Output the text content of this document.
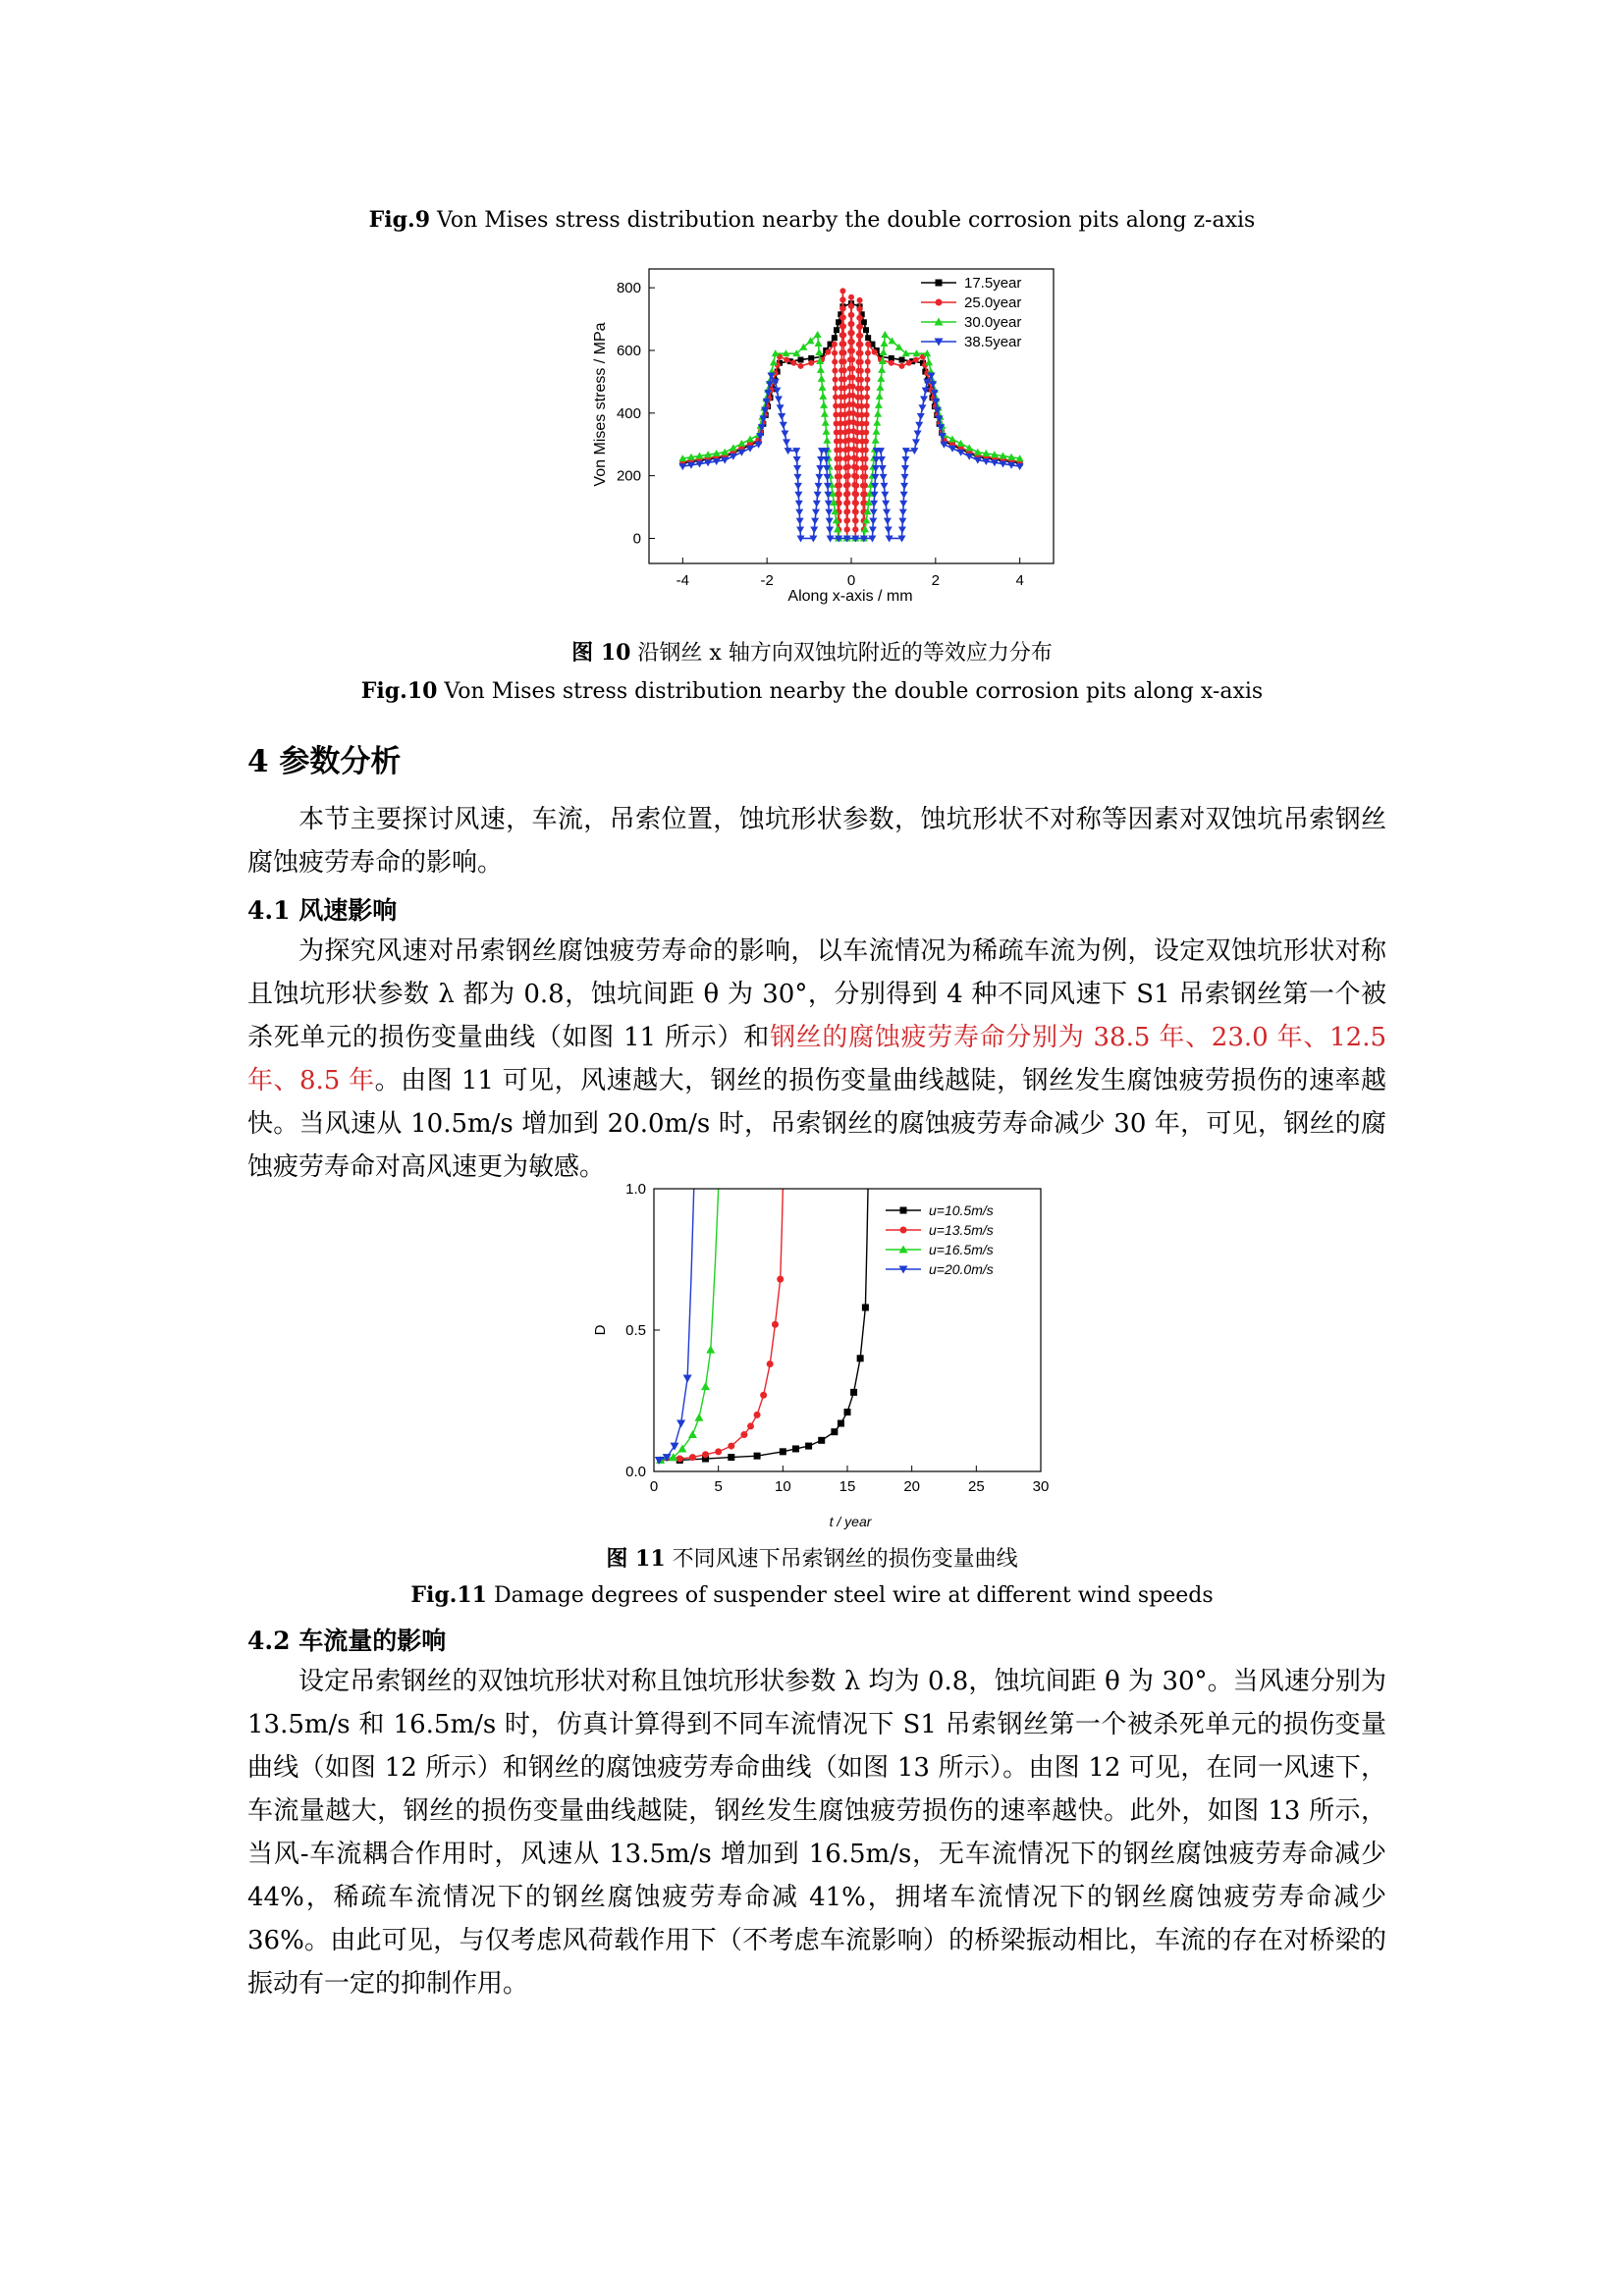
Fig.9 Von Mises stress distribution nearby the double corrosion pits along z-axis
Von Mises stress / MPa
Along x-axis / mm
-4	-2	0	2	4
0
200
400
600
800	17.5year
25.0year
30.0year
38.5year
图 10 沿钢丝 x 轴方向双蚀坑附近的等效应力分布
Fig.10 Von Mises stress distribution nearby the double corrosion pits along x-axis
4 参数分析

本节主要探讨风速，车流，吊索位置，蚀坑形状参数，蚀坑形状不对称等因素对双蚀坑吊索钢丝腐蚀疲劳寿命的影响。

4.1 风速影响

为探究风速对吊索钢丝腐蚀疲劳寿命的影响，以车流情况为稀疏车流为例，设定双蚀坑形状对称且蚀坑形状参数 λ 都为 0.8，蚀坑间距 θ 为 30°，分别得到 4 种不同风速下 S1 吊索钢丝第一个被杀死单元的损伤变量曲线（如图 11 所示）和钢丝的腐蚀疲劳寿命分别为 38.5 年、23.0 年、12.5 年、8.5 年。由图 11 可见，风速越大，钢丝的损伤变量曲线越陡，钢丝发生腐蚀疲劳损伤的速率越快。当风速从 10.5m/s 增加到 20.0m/s 时，吊索钢丝的腐蚀疲劳寿命减少 30 年，可见，钢丝的腐蚀疲劳寿命对高风速更为敏感。

D
t / year
0	5	10	15	20	25	30
0.0
0.5
1.0
u=10.5m/s
u=13.5m/s
u=16.5m/s
u=20.0m/s
图 11 不同风速下吊索钢丝的损伤变量曲线
Fig.11 Damage degrees of suspender steel wire at different wind speeds
4.2 车流量的影响

设定吊索钢丝的双蚀坑形状对称且蚀坑形状参数 λ 均为 0.8，蚀坑间距 θ 为 30°。当风速分别为 13.5m/s 和 16.5m/s 时，仿真计算得到不同车流情况下 S1 吊索钢丝第一个被杀死单元的损伤变量曲线（如图 12 所示）和钢丝的腐蚀疲劳寿命曲线（如图 13 所示）。由图 12 可见，在同一风速下，车流量越大，钢丝的损伤变量曲线越陡，钢丝发生腐蚀疲劳损伤的速率越快。此外，如图 13 所示，当风-车流耦合作用时，风速从 13.5m/s 增加到 16.5m/s，无车流情况下的钢丝腐蚀疲劳寿命减少 44%，稀疏车流情况下的钢丝腐蚀疲劳寿命减 41%，拥堵车流情况下的钢丝腐蚀疲劳寿命减少 36%。由此可见，与仅考虑风荷载作用下（不考虑车流影响）的桥梁振动相比，车流的存在对桥梁的振动有一定的抑制作用。
